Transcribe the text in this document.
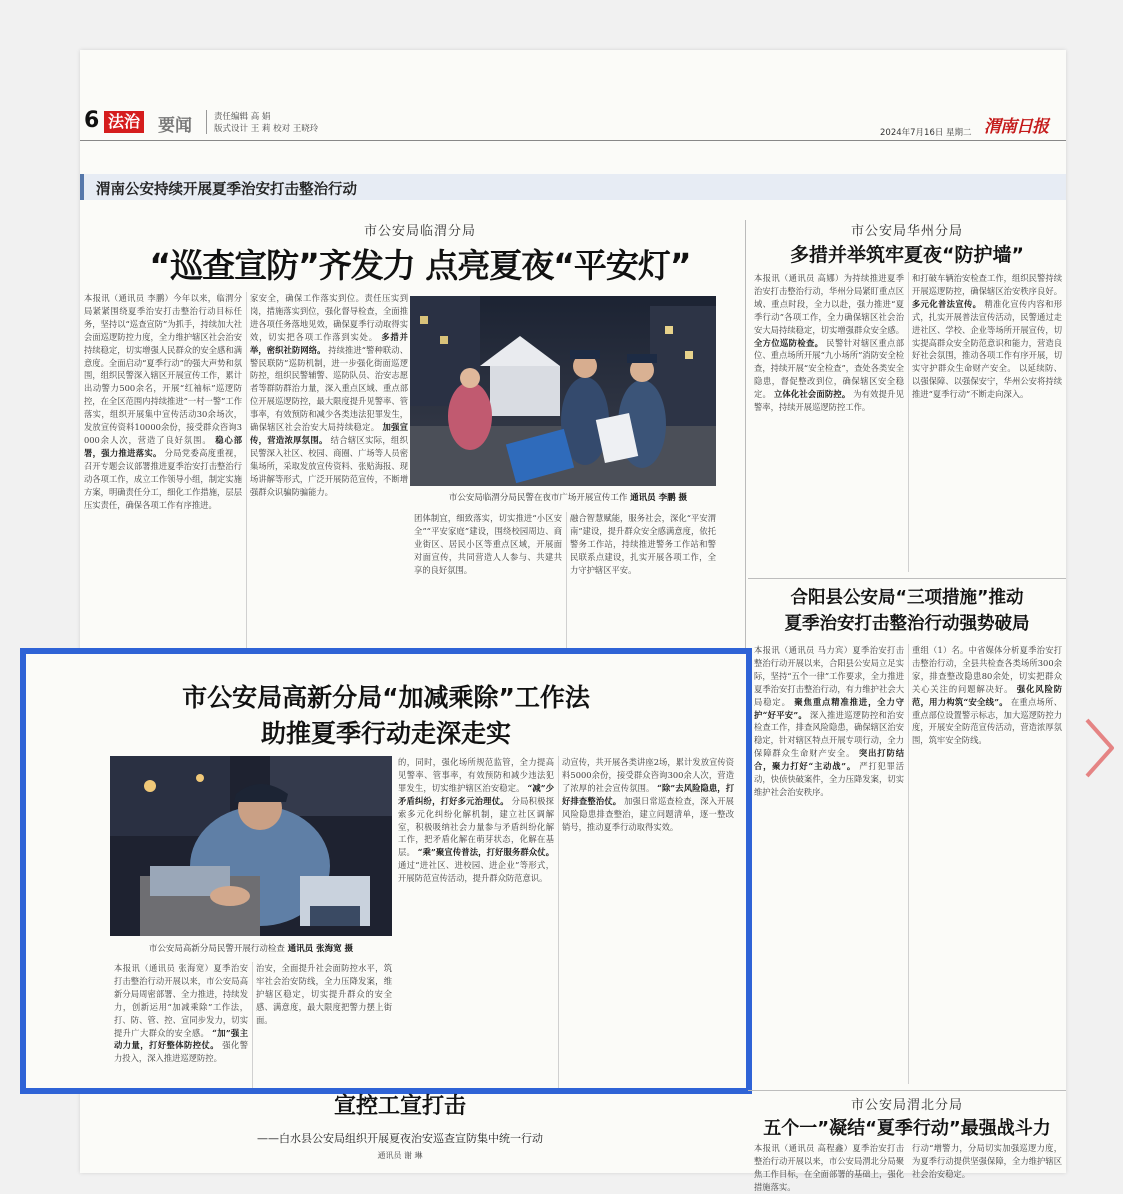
6 法治 要闻	责任编辑 高 娟
版式设计 王 莉 校对 王晓玲	2024年7月16日 星期二 渭南日报
渭南公安持续开展夏季治安打击整治行动
市公安局临渭分局
“巡查宣防”齐发力 点亮夏夜“平安灯”
本报讯（通讯员 李鹏）今年以来，临渭分局紧紧围绕夏季治安打击整治行动目标任务，坚持以“巡查宣防”为抓手，持续加大社会面巡逻防控力度，全力维护辖区社会治安持续稳定，切实增强人民群众的安全感和满意度。全面启动“夏季行动”的强大声势和氛围，组织民警深入辖区开展宣传工作，累计出动警力500余名，开展“红袖标”巡逻防控，在全区范围内持续推进“一村一警”工作落实，组织开展集中宣传活动30余场次，发放宣传资料10000余份，接受群众咨询3000余人次，营造了良好氛围。 稳心部署，强力推进落实。 分局党委高度重视，召开专题会议部署推进夏季治安打击整治行动各项工作，成立工作领导小组，制定实施方案，明确责任分工，细化工作措施，层层压实责任，确保各项工作有序推进。
家安全，确保工作落实到位。责任压实到岗，措施落实到位，强化督导检查，全面推进各项任务落地见效，确保夏季行动取得实效，切实把各项工作落到实处。 多措并举，密织社防网络。 持续推进“警种联动、警民联防”巡防机制，进一步强化街面巡逻防控，组织民警辅警、巡防队员、治安志愿者等群防群治力量，深入重点区域、重点部位开展巡逻防控，最大限度提升见警率、管事率，有效预防和减少各类违法犯罪发生，确保辖区社会治安大局持续稳定。 加强宣传，营造浓厚氛围。 结合辖区实际，组织民警深入社区、校园、商圈、广场等人员密集场所，采取发放宣传资料、张贴海报、现场讲解等形式，广泛开展防范宣传，不断增强群众识骗防骗能力。
市公安局临渭分局民警在夜市广场开展宣传工作 通讯员 李鹏 摄
团体制宜，细致落实，切实推进“小区安全”“平安家庭”建设，围绕校园周边、商业街区、居民小区等重点区域，开展面对面宣传，共同营造人人参与、共建共享的良好氛围。
融合智慧赋能，服务社会，深化“平安渭南”建设，提升群众安全感满意度，依托警务工作站，持续推进警务工作站和警民联系点建设，扎实开展各项工作，全力守护辖区平安。
市公安局华州分局
多措并举筑牢夏夜“防护墙”
本报讯（通讯员 高娜）为持续推进夏季治安打击整治行动，华州分局紧盯重点区域、重点时段，全力以赴，强力推进“夏季行动”各项工作，全力确保辖区社会治安大局持续稳定，切实增强群众安全感。 全方位巡防检查。 民警针对辖区重点部位、重点场所开展“九小场所”消防安全检查，持续开展“安全检查”，查处各类安全隐患，督促整改到位，确保辖区安全稳定。 立体化社会面防控。 为有效提升见警率，持续开展巡逻防控工作。
和打破车辆治安检查工作，组织民警持续开展巡逻防控，确保辖区治安秩序良好。 多元化普法宣传。 精准化宣传内容和形式，扎实开展普法宣传活动，民警通过走进社区、学校、企业等场所开展宣传，切实提高群众安全防范意识和能力，营造良好社会氛围，推动各项工作有序开展，切实守护群众生命财产安全。 以延续防、以强保障、以强保安宁，华州公安将持续推进“夏季行动”不断走向深入。
合阳县公安局“三项措施”推动
夏季治安打击整治行动强势破局
本报讯（通讯员 马力宾）夏季治安打击整治行动开展以来，合阳县公安局立足实际，坚持“五个一律”工作要求，全力推进夏季治安打击整治行动，有力维护社会大局稳定。 聚焦重点精准推进，全力守护“好平安”。 深入推进巡逻防控和治安检查工作，排查风险隐患，确保辖区治安稳定，针对辖区特点开展专项行动，全力保障群众生命财产安全。 突出打防结合，聚力打好“主动战”。 严打犯罪活动，快侦快破案件，全力压降发案，切实维护社会治安秩序。
重组（1）名。中省媒体分析夏季治安打击整治行动，全县共检查各类场所300余家，排查整改隐患80余处，切实把群众关心关注的问题解决好。 强化风险防范，用力构筑“安全线”。 在重点场所、重点部位设置警示标志，加大巡逻防控力度，开展安全防范宣传活动，营造浓厚氛围，筑牢安全防线。
市公安局高新分局“加减乘除”工作法
助推夏季行动走深走实
市公安局高新分局民警开展行动检查 通讯员 张海宽 摄
本报讯（通讯员 张海宽）夏季治安打击整治行动开展以来，市公安局高新分局周密部署、全力推进，持续发力，创新运用“加减乘除”工作法，打、防、管、控、宣同步发力，切实提升广大群众的安全感。 “加”强主动力量，打好整体防控仗。 强化警力投入，深入推进巡逻防控。
治安，全面提升社会面防控水平，筑牢社会治安防线，全力压降发案，维护辖区稳定，切实提升群众的安全感、满意度，最大限度把警力摆上街面。
的，同时，强化场所规范监管，全力提高见警率、管事率，有效预防和减少违法犯罪发生，切实维护辖区治安稳定。 “减”少矛盾纠纷，打好多元治理仗。 分局积极探索多元化纠纷化解机制，建立社区调解室，积极吸纳社会力量参与矛盾纠纷化解工作，把矛盾化解在萌芽状态，化解在基层。 “乘”聚宣传普法，打好服务群众仗。 通过“进社区、进校园、进企业”等形式，开展防范宣传活动，提升群众防范意识。
动宣传，共开展各类讲座2场，累计发放宣传资料5000余份，接受群众咨询300余人次，营造了浓厚的社会宣传氛围。 “除”去风险隐患，打好排查整治仗。 加强日常巡查检查，深入开展风险隐患排查整治，建立问题清单，逐一整改销号，推动夏季行动取得实效。
宣控工宣打击
——白水县公安局组织开展夏夜治安巡查宣防集中统一行动
通讯员 谢 琳
市公安局渭北分局
五个一”凝结“夏季行动”最强战斗力
本报讯（通讯员 高程鑫）夏季治安打击整治行动开展以来，市公安局渭北分局聚焦工作目标，在全面部署的基础上，强化措施落实。
行动“增警力，分局切实加强巡逻力度，为夏季行动提供坚强保障，全力维护辖区社会治安稳定。
